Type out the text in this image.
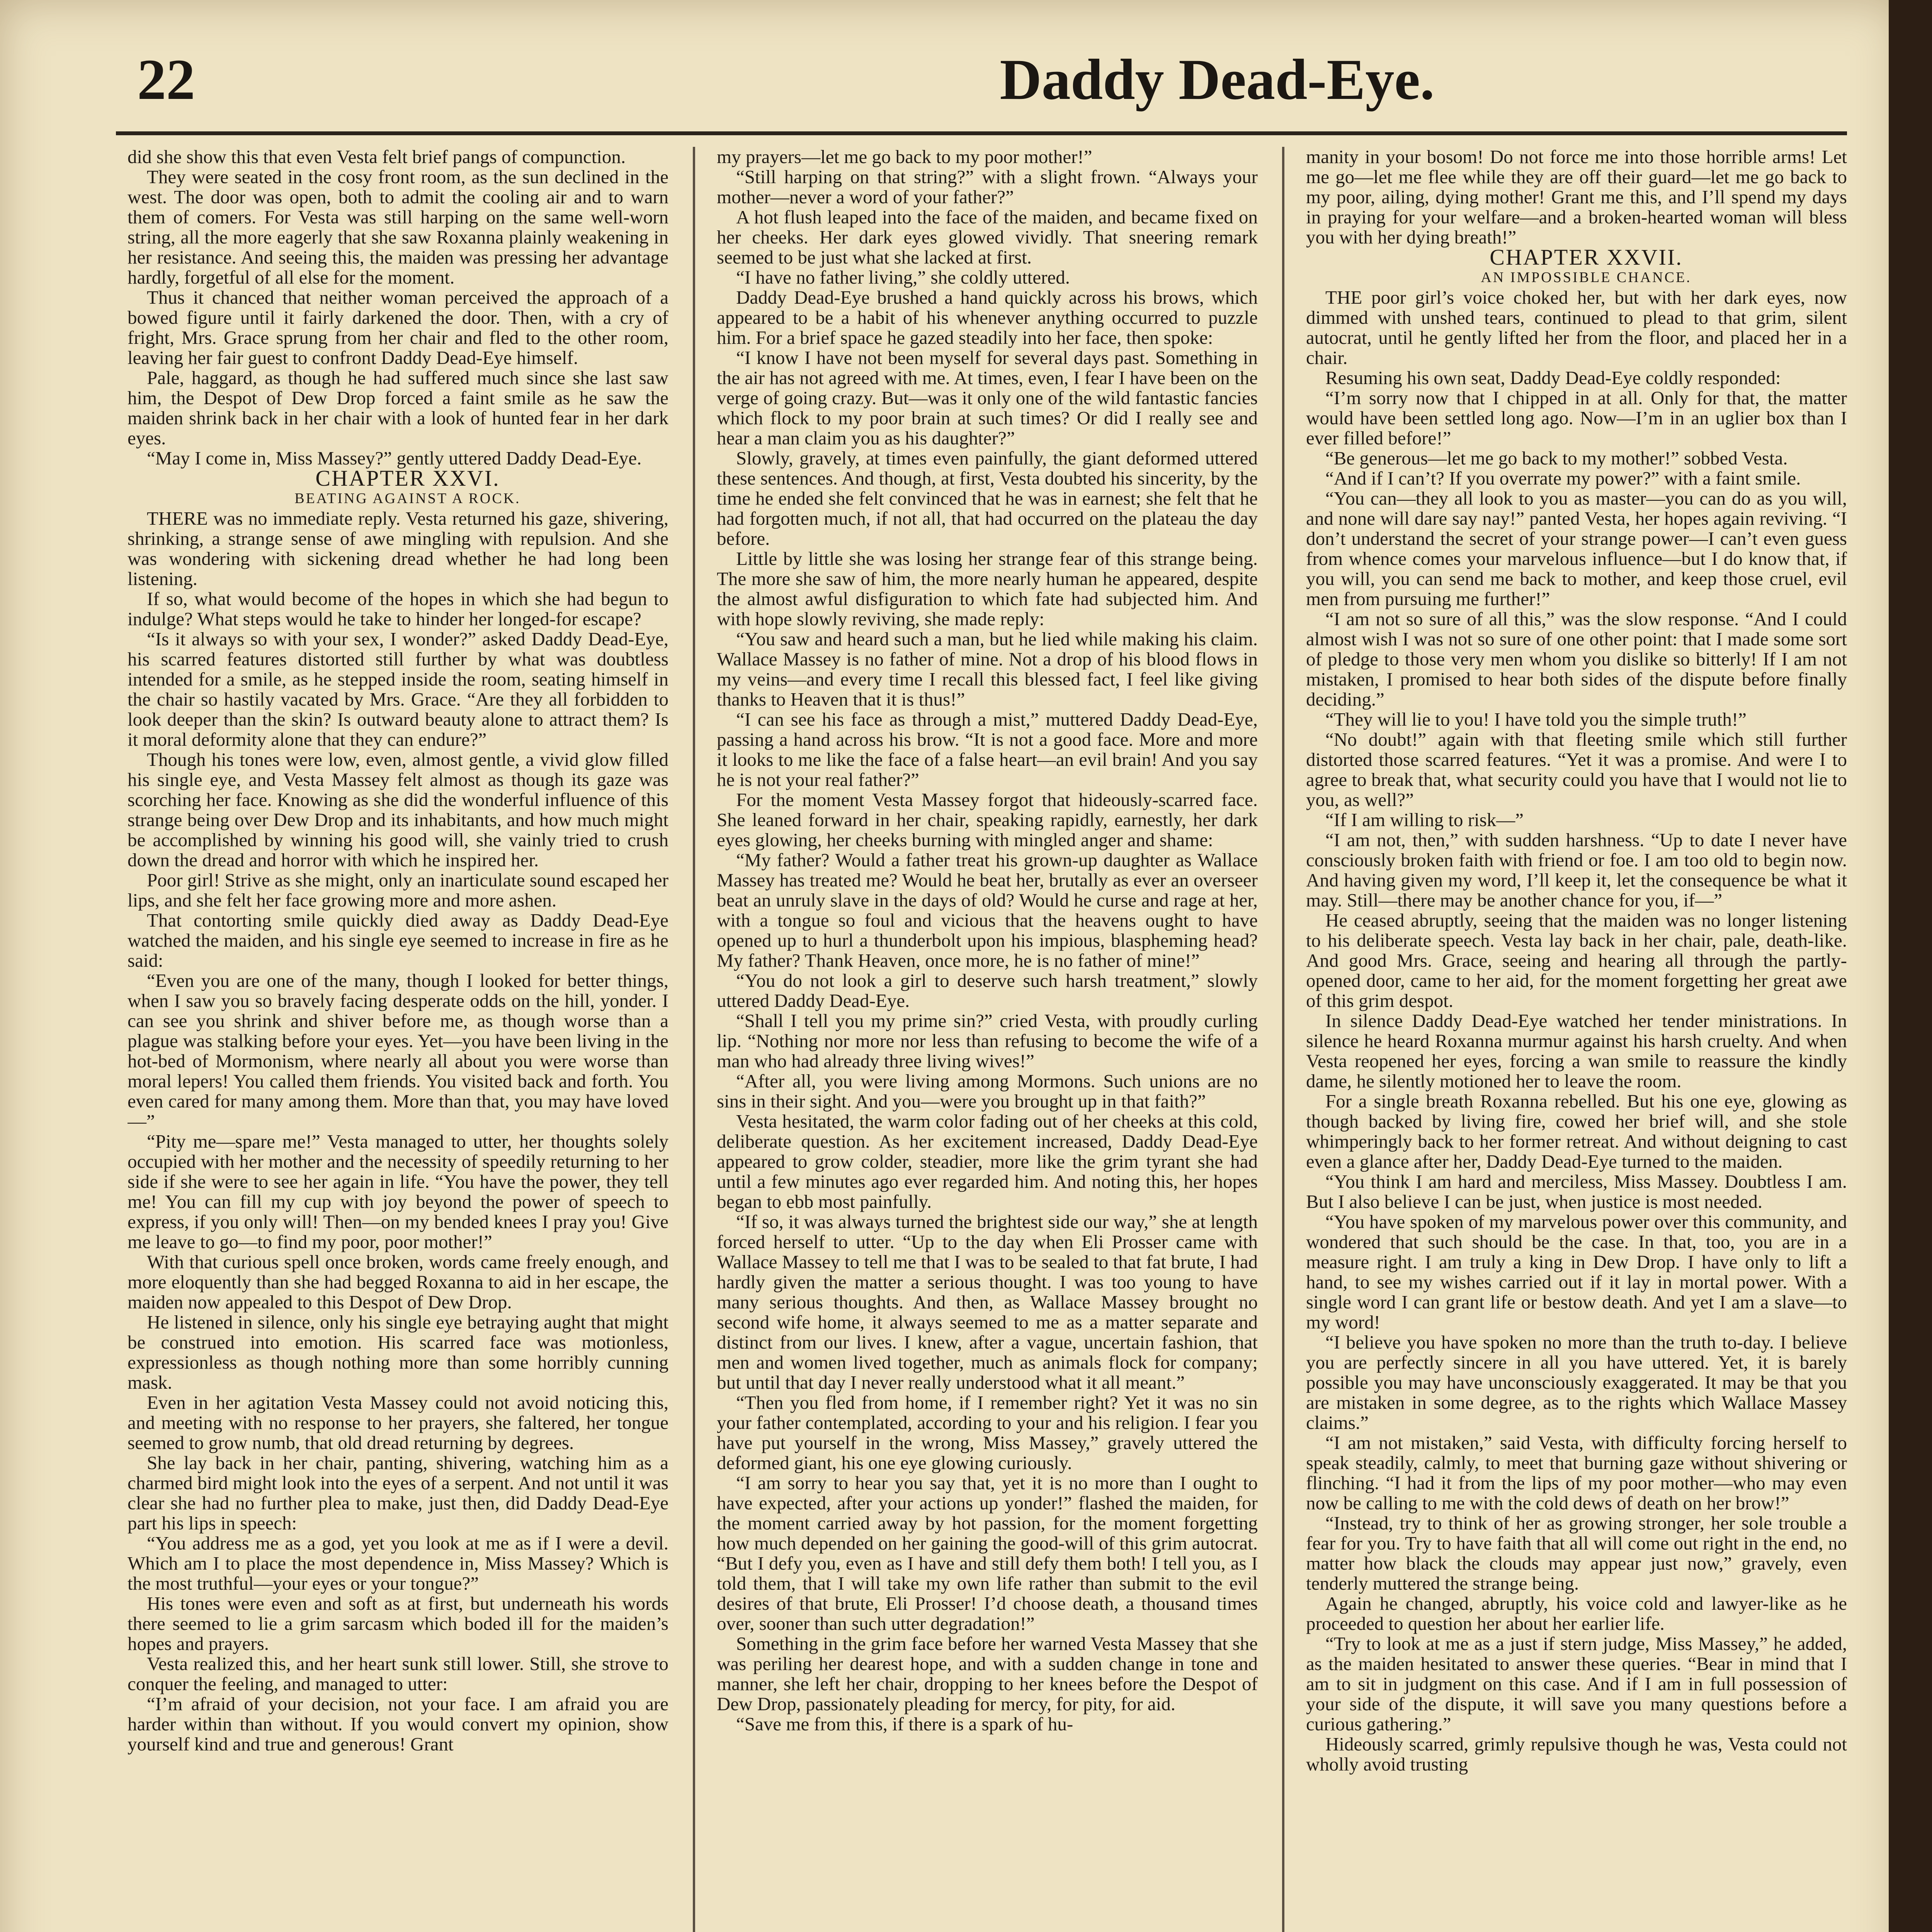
22	Daddy Dead-Eye.

did she show this that even Vesta felt brief pangs of compunction.

They were seated in the cosy front room, as the sun declined in the west. The door was open, both to admit the cooling air and to warn them of comers. For Vesta was still harping on the same well-worn string, all the more eagerly that she saw Roxanna plainly weakening in her resistance. And seeing this, the maiden was pressing her advantage hardly, forgetful of all else for the moment.

Thus it chanced that neither woman perceived the approach of a bowed figure until it fairly darkened the door. Then, with a cry of fright, Mrs. Grace sprung from her chair and fled to the other room, leaving her fair guest to confront Daddy Dead-Eye himself.

Pale, haggard, as though he had suffered much since she last saw him, the Despot of Dew Drop forced a faint smile as he saw the maiden shrink back in her chair with a look of hunted fear in her dark eyes.

“May I come in, Miss Massey?” gently uttered Daddy Dead-Eye.

CHAPTER XXVI.

BEATING AGAINST A ROCK.

THERE was no immediate reply. Vesta returned his gaze, shivering, shrinking, a strange sense of awe mingling with repulsion. And she was wondering with sickening dread whether he had long been listening.

If so, what would become of the hopes in which she had begun to indulge? What steps would he take to hinder her longed-for escape?

“Is it always so with your sex, I wonder?” asked Daddy Dead-Eye, his scarred features distorted still further by what was doubtless intended for a smile, as he stepped inside the room, seating himself in the chair so hastily vacated by Mrs. Grace. “Are they all forbidden to look deeper than the skin? Is outward beauty alone to attract them? Is it moral deformity alone that they can endure?”

Though his tones were low, even, almost gentle, a vivid glow filled his single eye, and Vesta Massey felt almost as though its gaze was scorching her face. Knowing as she did the wonderful influence of this strange being over Dew Drop and its inhabitants, and how much might be accomplished by winning his good will, she vainly tried to crush down the dread and horror with which he inspired her.

Poor girl! Strive as she might, only an inarticulate sound escaped her lips, and she felt her face growing more and more ashen.

That contorting smile quickly died away as Daddy Dead-Eye watched the maiden, and his single eye seemed to increase in fire as he said:

“Even you are one of the many, though I looked for better things, when I saw you so bravely facing desperate odds on the hill, yonder. I can see you shrink and shiver before me, as though worse than a plague was stalking before your eyes. Yet—you have been living in the hot-bed of Mormonism, where nearly all about you were worse than moral lepers! You called them friends. You visited back and forth. You even cared for many among them. More than that, you may have loved—”

“Pity me—spare me!” Vesta managed to utter, her thoughts solely occupied with her mother and the necessity of speedily returning to her side if she were to see her again in life. “You have the power, they tell me! You can fill my cup with joy beyond the power of speech to express, if you only will! Then—on my bended knees I pray you! Give me leave to go—to find my poor, poor mother!”

With that curious spell once broken, words came freely enough, and more eloquently than she had begged Roxanna to aid in her escape, the maiden now appealed to this Despot of Dew Drop.

He listened in silence, only his single eye betraying aught that might be construed into emotion. His scarred face was motionless, expressionless as though nothing more than some horribly cunning mask.

Even in her agitation Vesta Massey could not avoid noticing this, and meeting with no response to her prayers, she faltered, her tongue seemed to grow numb, that old dread returning by degrees.

She lay back in her chair, panting, shivering, watching him as a charmed bird might look into the eyes of a serpent. And not until it was clear she had no further plea to make, just then, did Daddy Dead-Eye part his lips in speech:

“You address me as a god, yet you look at me as if I were a devil. Which am I to place the most dependence in, Miss Massey? Which is the most truthful—your eyes or your tongue?”

His tones were even and soft as at first, but underneath his words there seemed to lie a grim sarcasm which boded ill for the maiden’s hopes and prayers.

Vesta realized this, and her heart sunk still lower. Still, she strove to conquer the feeling, and managed to utter:

“I’m afraid of your decision, not your face. I am afraid you are harder within than without. If you would convert my opinion, show yourself kind and true and generous! Grant

my prayers—let me go back to my poor mother!”

“Still harping on that string?” with a slight frown. “Always your mother—never a word of your father?”

A hot flush leaped into the face of the maiden, and became fixed on her cheeks. Her dark eyes glowed vividly. That sneering remark seemed to be just what she lacked at first.

“I have no father living,” she coldly uttered.

Daddy Dead-Eye brushed a hand quickly across his brows, which appeared to be a habit of his whenever anything occurred to puzzle him. For a brief space he gazed steadily into her face, then spoke:

“I know I have not been myself for several days past. Something in the air has not agreed with me. At times, even, I fear I have been on the verge of going crazy. But—was it only one of the wild fantastic fancies which flock to my poor brain at such times? Or did I really see and hear a man claim you as his daughter?”

Slowly, gravely, at times even painfully, the giant deformed uttered these sentences. And though, at first, Vesta doubted his sincerity, by the time he ended she felt convinced that he was in earnest; she felt that he had forgotten much, if not all, that had occurred on the plateau the day before.

Little by little she was losing her strange fear of this strange being. The more she saw of him, the more nearly human he appeared, despite the almost awful disfiguration to which fate had subjected him. And with hope slowly reviving, she made reply:

“You saw and heard such a man, but he lied while making his claim. Wallace Massey is no father of mine. Not a drop of his blood flows in my veins—and every time I recall this blessed fact, I feel like giving thanks to Heaven that it is thus!”

“I can see his face as through a mist,” muttered Daddy Dead-Eye, passing a hand across his brow. “It is not a good face. More and more it looks to me like the face of a false heart—an evil brain! And you say he is not your real father?”

For the moment Vesta Massey forgot that hideously-scarred face. She leaned forward in her chair, speaking rapidly, earnestly, her dark eyes glowing, her cheeks burning with mingled anger and shame:

“My father? Would a father treat his grown-up daughter as Wallace Massey has treated me? Would he beat her, brutally as ever an overseer beat an unruly slave in the days of old? Would he curse and rage at her, with a tongue so foul and vicious that the heavens ought to have opened up to hurl a thunderbolt upon his impious, blaspheming head? My father? Thank Heaven, once more, he is no father of mine!”

“You do not look a girl to deserve such harsh treatment,” slowly uttered Daddy Dead-Eye.

“Shall I tell you my prime sin?” cried Vesta, with proudly curling lip. “Nothing nor more nor less than refusing to become the wife of a man who had already three living wives!”

“After all, you were living among Mormons. Such unions are no sins in their sight. And you—were you brought up in that faith?”

Vesta hesitated, the warm color fading out of her cheeks at this cold, deliberate question. As her excitement increased, Daddy Dead-Eye appeared to grow colder, steadier, more like the grim tyrant she had until a few minutes ago ever regarded him. And noting this, her hopes began to ebb most painfully.

“If so, it was always turned the brightest side our way,” she at length forced herself to utter. “Up to the day when Eli Prosser came with Wallace Massey to tell me that I was to be sealed to that fat brute, I had hardly given the matter a serious thought. I was too young to have many serious thoughts. And then, as Wallace Massey brought no second wife home, it always seemed to me as a matter separate and distinct from our lives. I knew, after a vague, uncertain fashion, that men and women lived together, much as animals flock for company; but until that day I never really understood what it all meant.”

“Then you fled from home, if I remember right? Yet it was no sin your father contemplated, according to your and his religion. I fear you have put yourself in the wrong, Miss Massey,” gravely uttered the deformed giant, his one eye glowing curiously.

“I am sorry to hear you say that, yet it is no more than I ought to have expected, after your actions up yonder!” flashed the maiden, for the moment carried away by hot passion, for the moment forgetting how much depended on her gaining the good-will of this grim autocrat. “But I defy you, even as I have and still defy them both! I tell you, as I told them, that I will take my own life rather than submit to the evil desires of that brute, Eli Prosser! I’d choose death, a thousand times over, sooner than such utter degradation!”

Something in the grim face before her warned Vesta Massey that she was periling her dearest hope, and with a sudden change in tone and manner, she left her chair, dropping to her knees before the Despot of Dew Drop, passionately pleading for mercy, for pity, for aid.

“Save me from this, if there is a spark of hu-

manity in your bosom! Do not force me into those horrible arms! Let me go—let me flee while they are off their guard—let me go back to my poor, ailing, dying mother! Grant me this, and I’ll spend my days in praying for your welfare—and a broken-hearted woman will bless you with her dying breath!”

CHAPTER XXVII.

AN IMPOSSIBLE CHANCE.

THE poor girl’s voice choked her, but with her dark eyes, now dimmed with unshed tears, continued to plead to that grim, silent autocrat, until he gently lifted her from the floor, and placed her in a chair.

Resuming his own seat, Daddy Dead-Eye coldly responded:

“I’m sorry now that I chipped in at all. Only for that, the matter would have been settled long ago. Now—I’m in an uglier box than I ever filled before!”

“Be generous—let me go back to my mother!” sobbed Vesta.

“And if I can’t? If you overrate my power?” with a faint smile.

“You can—they all look to you as master—you can do as you will, and none will dare say nay!” panted Vesta, her hopes again reviving. “I don’t understand the secret of your strange power—I can’t even guess from whence comes your marvelous influence—but I do know that, if you will, you can send me back to mother, and keep those cruel, evil men from pursuing me further!”

“I am not so sure of all this,” was the slow response. “And I could almost wish I was not so sure of one other point: that I made some sort of pledge to those very men whom you dislike so bitterly! If I am not mistaken, I promised to hear both sides of the dispute before finally deciding.”

“They will lie to you! I have told you the simple truth!”

“No doubt!” again with that fleeting smile which still further distorted those scarred features. “Yet it was a promise. And were I to agree to break that, what security could you have that I would not lie to you, as well?”

“If I am willing to risk—”

“I am not, then,” with sudden harshness. “Up to date I never have consciously broken faith with friend or foe. I am too old to begin now. And having given my word, I’ll keep it, let the consequence be what it may. Still—there may be another chance for you, if—”

He ceased abruptly, seeing that the maiden was no longer listening to his deliberate speech. Vesta lay back in her chair, pale, death-like. And good Mrs. Grace, seeing and hearing all through the partly-opened door, came to her aid, for the moment forgetting her great awe of this grim despot.

In silence Daddy Dead-Eye watched her tender ministrations. In silence he heard Roxanna murmur against his harsh cruelty. And when Vesta reopened her eyes, forcing a wan smile to reassure the kindly dame, he silently motioned her to leave the room.

For a single breath Roxanna rebelled. But his one eye, glowing as though backed by living fire, cowed her brief will, and she stole whimperingly back to her former retreat. And without deigning to cast even a glance after her, Daddy Dead-Eye turned to the maiden.

“You think I am hard and merciless, Miss Massey. Doubtless I am. But I also believe I can be just, when justice is most needed.

“You have spoken of my marvelous power over this community, and wondered that such should be the case. In that, too, you are in a measure right. I am truly a king in Dew Drop. I have only to lift a hand, to see my wishes carried out if it lay in mortal power. With a single word I can grant life or bestow death. And yet I am a slave—to my word!

“I believe you have spoken no more than the truth to-day. I believe you are perfectly sincere in all you have uttered. Yet, it is barely possible you may have unconsciously exaggerated. It may be that you are mistaken in some degree, as to the rights which Wallace Massey claims.”

“I am not mistaken,” said Vesta, with difficulty forcing herself to speak steadily, calmly, to meet that burning gaze without shivering or flinching. “I had it from the lips of my poor mother—who may even now be calling to me with the cold dews of death on her brow!”

“Instead, try to think of her as growing stronger, her sole trouble a fear for you. Try to have faith that all will come out right in the end, no matter how black the clouds may appear just now,” gravely, even tenderly muttered the strange being.

Again he changed, abruptly, his voice cold and lawyer-like as he proceeded to question her about her earlier life.

“Try to look at me as a just if stern judge, Miss Massey,” he added, as the maiden hesitated to answer these queries. “Bear in mind that I am to sit in judgment on this case. And if I am in full possession of your side of the dispute, it will save you many questions before a curious gathering.”

Hideously scarred, grimly repulsive though he was, Vesta could not wholly avoid trusting
